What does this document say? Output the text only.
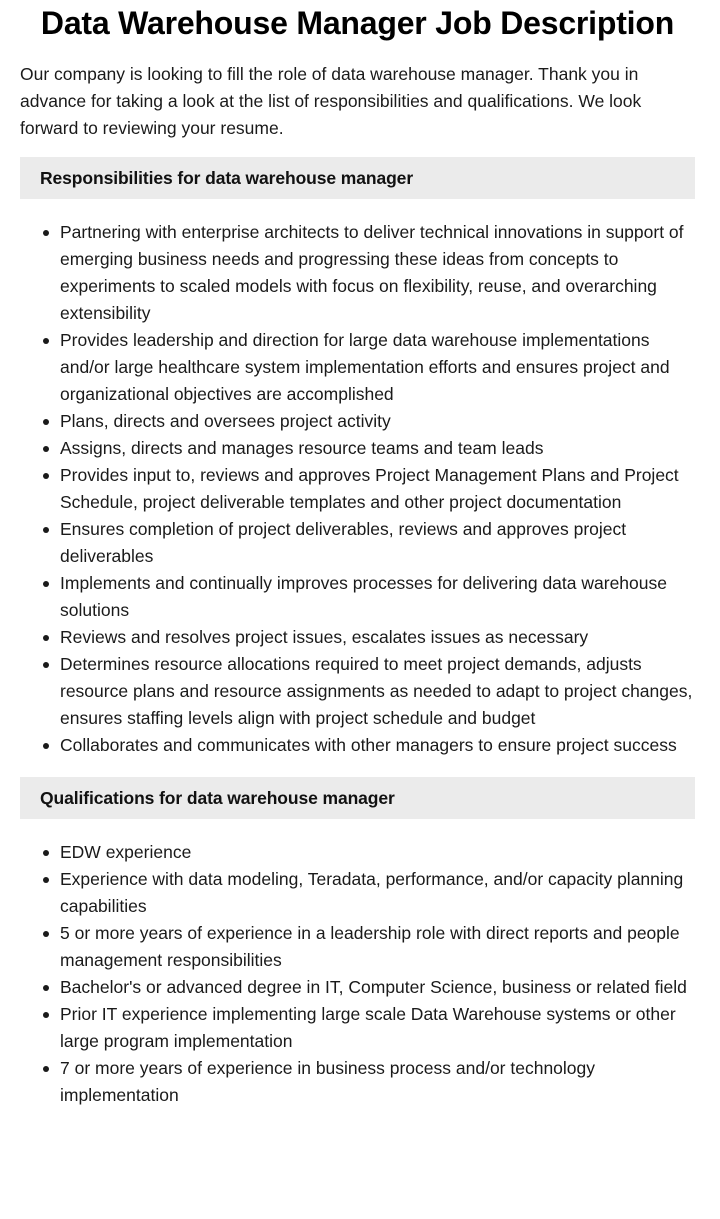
Data Warehouse Manager Job Description

Our company is looking to fill the role of data warehouse manager. Thank you in advance for taking a look at the list of responsibilities and qualifications. We look forward to reviewing your resume.

Responsibilities for data warehouse manager
Partnering with enterprise architects to deliver technical innovations in support of emerging business needs and progressing these ideas from concepts to experiments to scaled models with focus on flexibility, reuse, and overarching extensibility
Provides leadership and direction for large data warehouse implementations and/or large healthcare system implementation efforts and ensures project and organizational objectives are accomplished
Plans, directs and oversees project activity
Assigns, directs and manages resource teams and team leads
Provides input to, reviews and approves Project Management Plans and Project Schedule, project deliverable templates and other project documentation
Ensures completion of project deliverables, reviews and approves project deliverables
Implements and continually improves processes for delivering data warehouse solutions
Reviews and resolves project issues, escalates issues as necessary
Determines resource allocations required to meet project demands, adjusts resource plans and resource assignments as needed to adapt to project changes, ensures staffing levels align with project schedule and budget
Collaborates and communicates with other managers to ensure project success
Qualifications for data warehouse manager
EDW experience
Experience with data modeling, Teradata, performance, and/or capacity planning capabilities
5 or more years of experience in a leadership role with direct reports and people management responsibilities
Bachelor's or advanced degree in IT, Computer Science, business or related field
Prior IT experience implementing large scale Data Warehouse systems or other large program implementation
7 or more years of experience in business process and/or technology implementation
